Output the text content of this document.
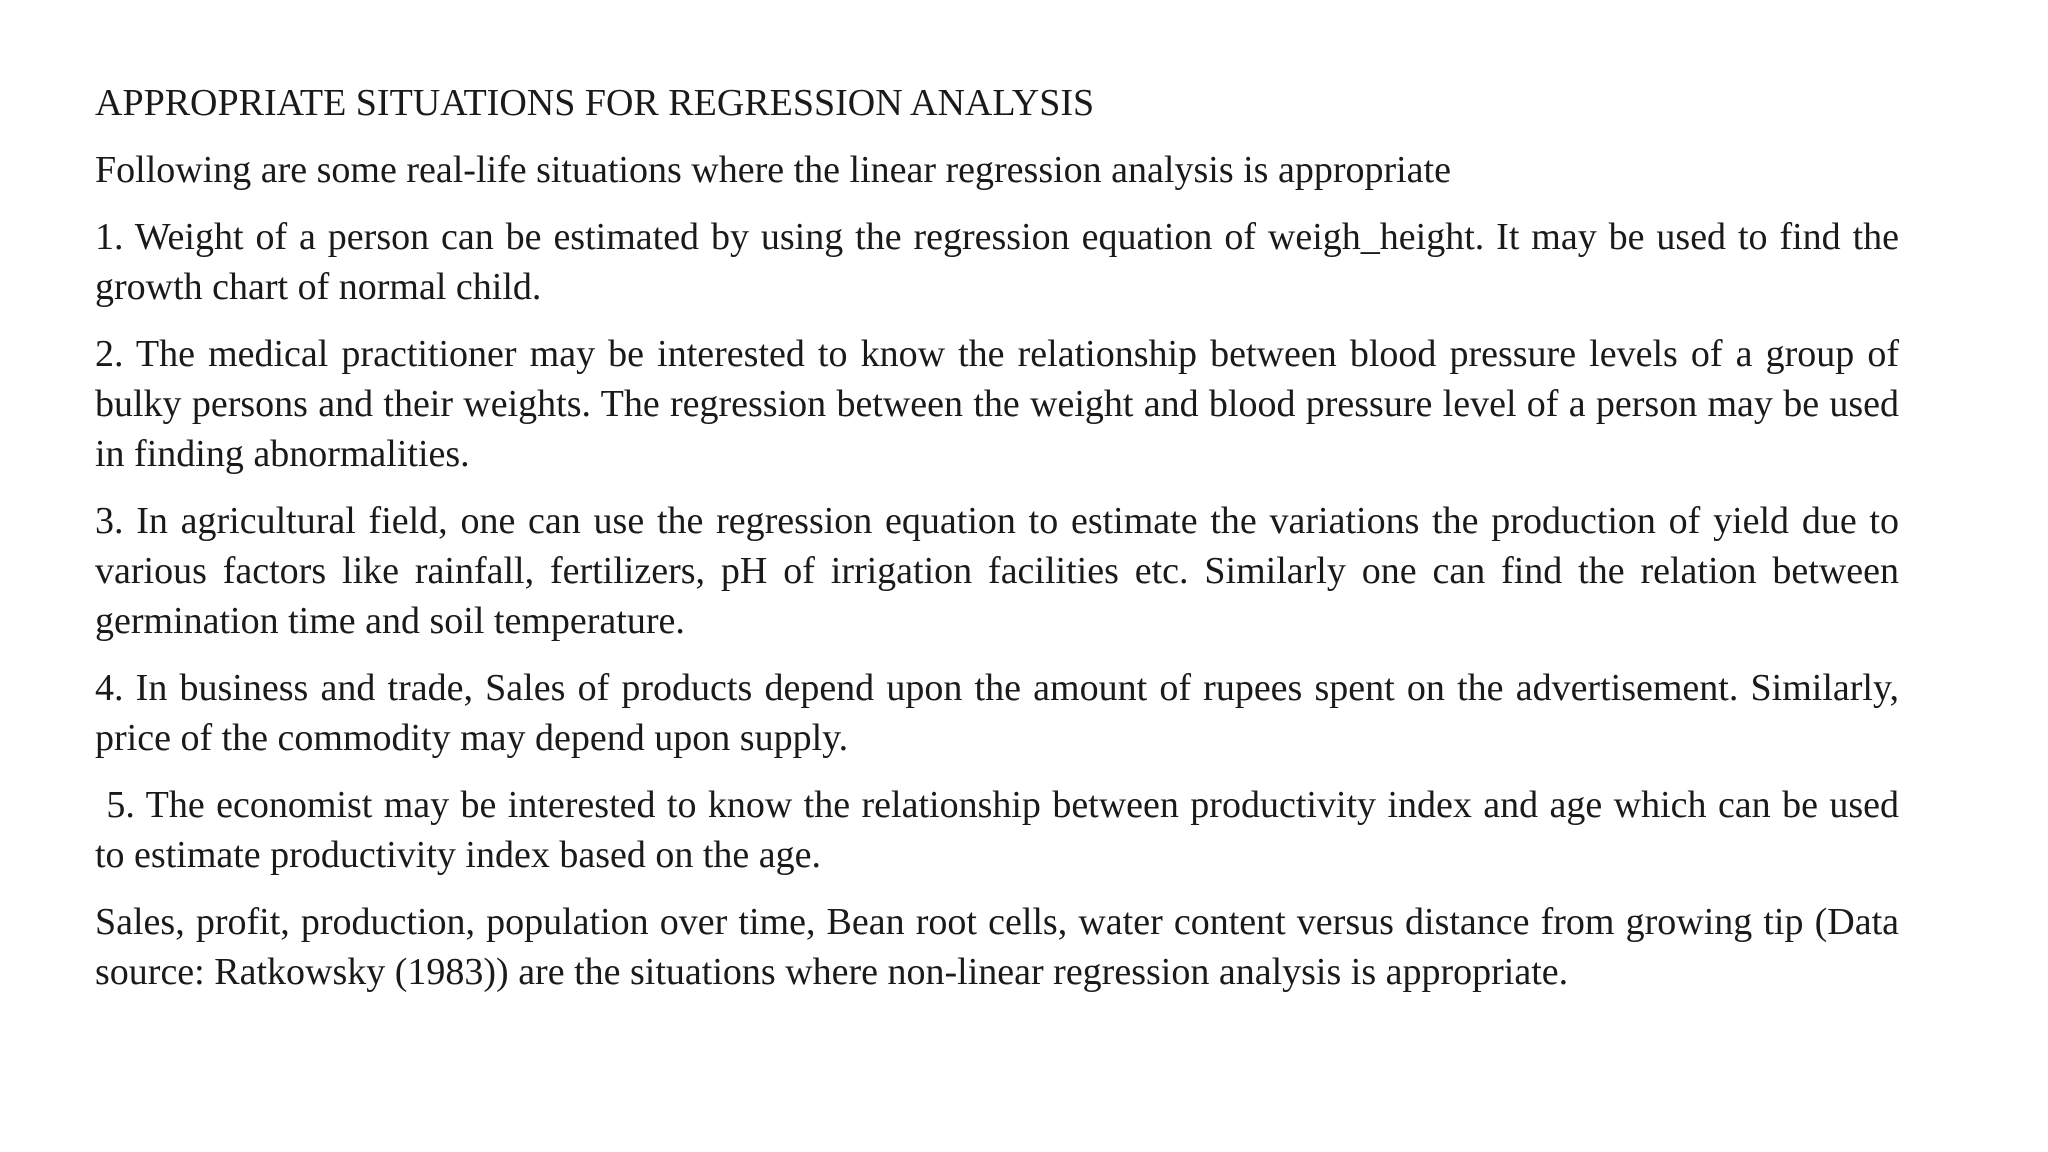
APPROPRIATE SITUATIONS FOR REGRESSION ANALYSIS

Following are some real-life situations where the linear regression analysis is appropriate

1. Weight of a person can be estimated by using the regression equation of weigh_height. It may be used to find the growth chart of normal child.

2. The medical practitioner may be interested to know the relationship between blood pressure levels of a group of bulky persons and their weights. The regression between the weight and blood pressure level of a person may be used in finding abnormalities.

3. In agricultural field, one can use the regression equation to estimate the variations the production of yield due to various factors like rainfall, fertilizers, pH of irrigation facilities etc. Similarly one can find the relation between germination time and soil temperature.

4. In business and trade, Sales of products depend upon the amount of rupees spent on the advertisement. Similarly, price of the commodity may depend upon supply.

5. The economist may be interested to know the relationship between productivity index and age which can be used to estimate productivity index based on the age.

Sales, profit, production, population over time, Bean root cells, water content versus distance from growing tip (Data source: Ratkowsky (1983)) are the situations where non-linear regression analysis is appropriate.
